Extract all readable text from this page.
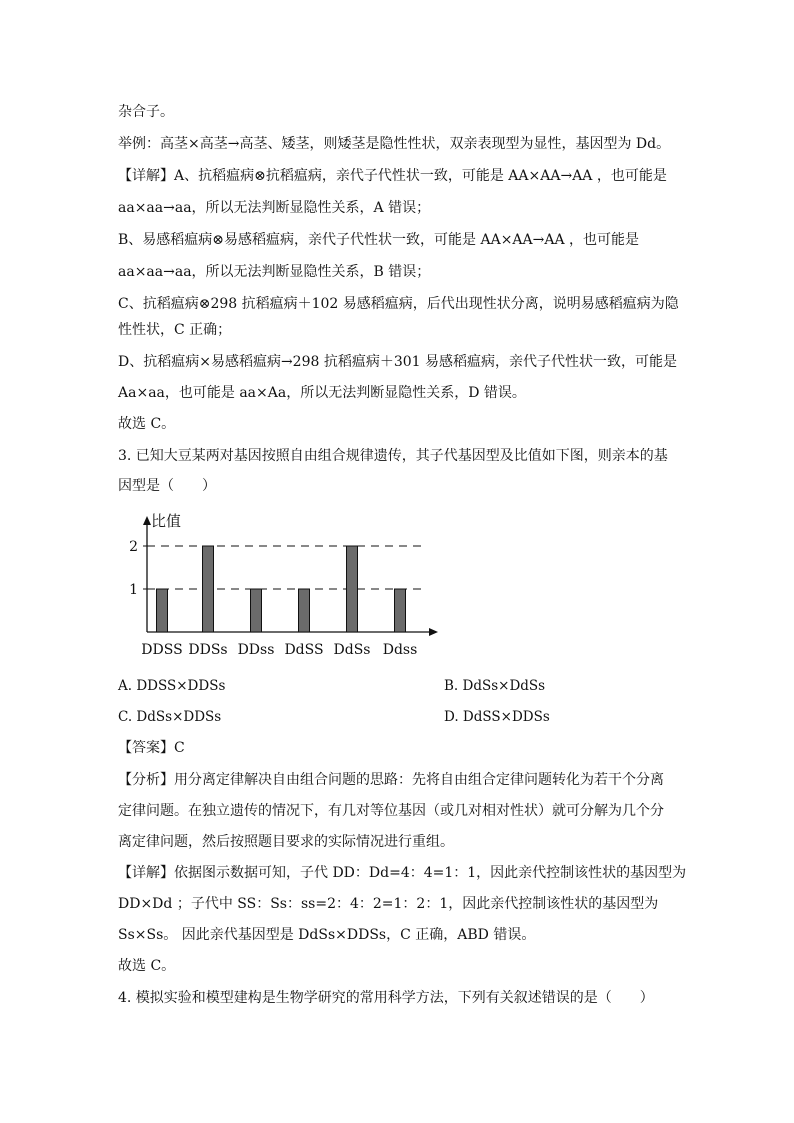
杂合子。
举例：高茎×高茎→高茎、矮茎，则矮茎是隐性性状，双亲表现型为显性，基因型为 Dd。
【详解】A、抗稻瘟病⊗抗稻瘟病，亲代子代性状一致，可能是 AA×AA→AA ，也可能是
aa×aa→aa，所以无法判断显隐性关系，A 错误；
B、易感稻瘟病⊗易感稻瘟病，亲代子代性状一致，可能是 AA×AA→AA ，也可能是
aa×aa→aa，所以无法判断显隐性关系，B 错误；
C、抗稻瘟病⊗298 抗稻瘟病＋102 易感稻瘟病，后代出现性状分离，说明易感稻瘟病为隐
性性状，C 正确；
D、抗稻瘟病×易感稻瘟病→298 抗稻瘟病＋301 易感稻瘟病，亲代子代性状一致，可能是
Aa×aa，也可能是 aa×Aa，所以无法判断显隐性关系，D 错误。
故选 C。
3. 已知大豆某两对基因按照自由组合规律遗传，其子代基因型及比值如下图，则亲本的基
因型是（　　）
比值
1
2
DDSS DDSs DDss DdSS DdSs Ddss
A. DDSS×DDSs	B. DdSs×DdSs
C. DdSs×DDSs	D. DdSS×DDSs
【答案】C
【分析】用分离定律解决自由组合问题的思路：先将自由组合定律问题转化为若干个分离
定律问题。在独立遗传的情况下，有几对等位基因（或几对相对性状）就可分解为几个分
离定律问题，然后按照题目要求的实际情况进行重组。
【详解】依据图示数据可知，子代 DD：Dd=4：4=1：1，因此亲代控制该性状的基因型为
DD×Dd ；子代中 SS：Ss：ss=2：4：2=1：2：1，因此亲代控制该性状的基因型为
Ss×Ss。 因此亲代基因型是 DdSs×DDSs，C 正确，ABD 错误。
故选 C。
4. 模拟实验和模型建构是生物学研究的常用科学方法，下列有关叙述错误的是（　　）
